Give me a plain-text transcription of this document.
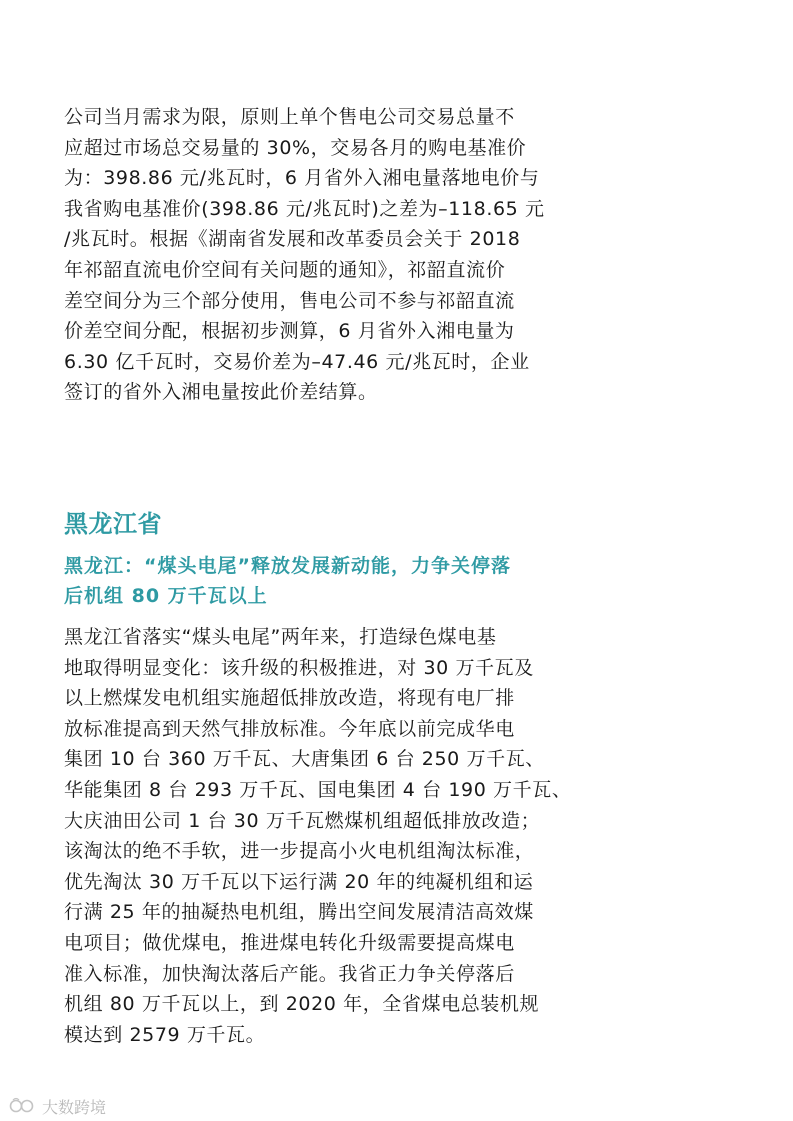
公司当月需求为限，原则上单个售电公司交易总量不
应超过市场总交易量的 30%，交易各月的购电基准价
为：398.86 元/兆瓦时，6 月省外入湘电量落地电价与
我省购电基准价(398.86 元/兆瓦时)之差为–118.65 元
/兆瓦时。根据《湖南省发展和改革委员会关于 2018
年祁韶直流电价空间有关问题的通知》，祁韶直流价
差空间分为三个部分使用，售电公司不参与祁韶直流
价差空间分配，根据初步测算，6 月省外入湘电量为
6.30 亿千瓦时，交易价差为–47.46 元/兆瓦时，企业
签订的省外入湘电量按此价差结算。
黑龙江省
黑龙江：“煤头电尾”释放发展新动能，力争关停落
后机组 80 万千瓦以上
黑龙江省落实“煤头电尾”两年来，打造绿色煤电基
地取得明显变化：该升级的积极推进，对 30 万千瓦及
以上燃煤发电机组实施超低排放改造，将现有电厂排
放标准提高到天然气排放标准。今年底以前完成华电
集团 10 台 360 万千瓦、大唐集团 6 台 250 万千瓦、
华能集团 8 台 293 万千瓦、国电集团 4 台 190 万千瓦、
大庆油田公司 1 台 30 万千瓦燃煤机组超低排放改造；
该淘汰的绝不手软，进一步提高小火电机组淘汰标准，
优先淘汰 30 万千瓦以下运行满 20 年的纯凝机组和运
行满 25 年的抽凝热电机组，腾出空间发展清洁高效煤
电项目；做优煤电，推进煤电转化升级需要提高煤电
准入标准，加快淘汰落后产能。我省正力争关停落后
机组 80 万千瓦以上，到 2020 年，全省煤电总装机规
模达到 2579 万千瓦。
大数跨境
